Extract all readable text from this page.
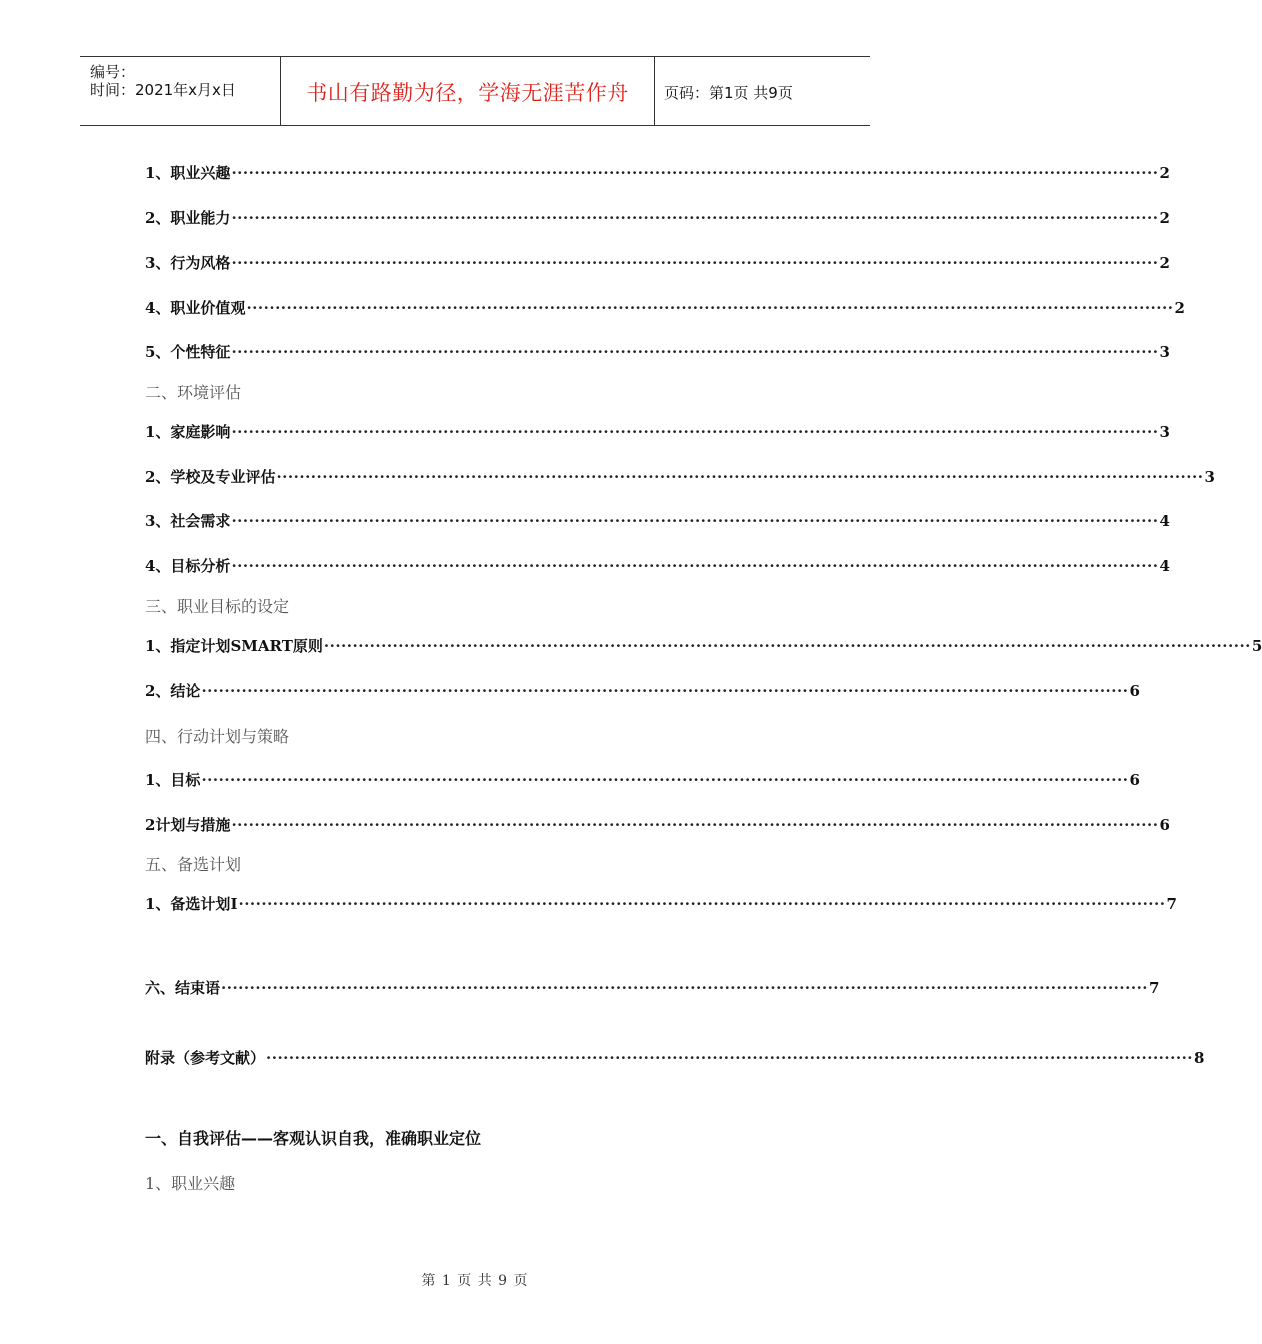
编号：
时间：2021年x月x日	书山有路勤为径，学海无涯苦作舟	页码：第1页 共9页
1、职业兴趣 ·································································································································································· 2
2、职业能力 ·································································································································································· 2
3、行为风格 ·································································································································································· 2
4、职业价值观 ·································································································································································· 2
5、个性特征 ·································································································································································· 3
二、环境评估
1、家庭影响 ·································································································································································· 3
2、学校及专业评估 ·································································································································································· 3
3、社会需求 ·································································································································································· 4
4、目标分析 ·································································································································································· 4
三、职业目标的设定
1、指定计划SMART原则 ·································································································································································· 5
2、结论 ·································································································································································· 6
四、行动计划与策略
1、目标 ·································································································································································· 6
2计划与措施 ·································································································································································· 6
五、备选计划
1、备选计划Ⅰ ·································································································································································· 7
六、结束语 ·································································································································································· 7
附录（参考文献） ·································································································································································· 8
一、自我评估——客观认识自我，准确职业定位
1、职业兴趣
第 1 页 共 9 页
